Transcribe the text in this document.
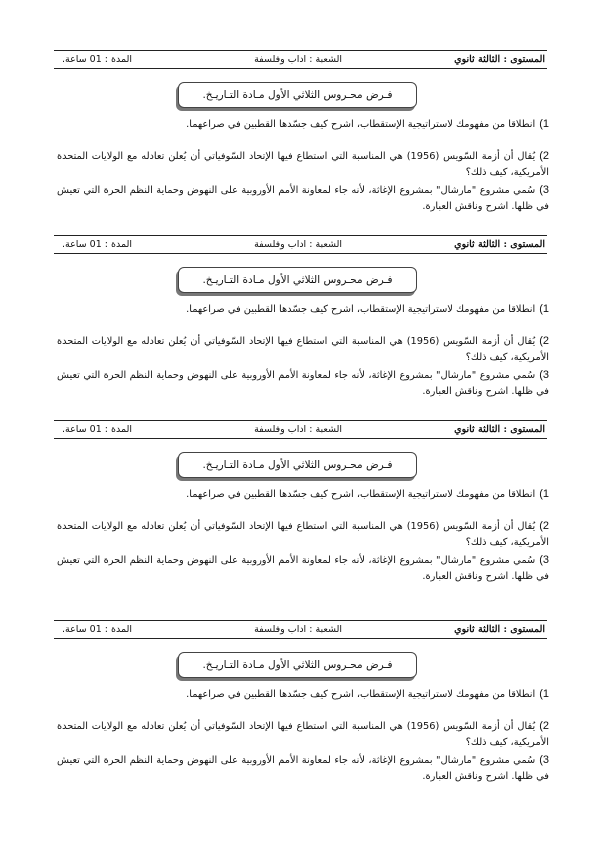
المستوى : الثالثة ثانوي
الشعبة : اداب وفلسفة
المدة : 01 ساعة.
فـرض محـروس الثلاثي الأول مـادة التـاريـخ.
1)انطلاقا من مفهومك لاستراتيجية الإستقطاب، اشرح كيف جسّدها القطبين في صراعهما.
2)يُقال أن أزمة السّويس (1956) هي المناسبة التي استطاع فيها الإتحاد السّوفياتي أن يُعلن تعادله مع الولايات المتحدة الأمريكية، كيف ذلك؟
3)سُمي مشروع "مارشال" بمشروع الإغاثة، لأنه جاء لمعاونة الأمم الأوروبية على النهوض وحماية النظم الحرة التي تعيش في ظلها. اشرح وناقش العبارة.
المستوى : الثالثة ثانوي
الشعبة : اداب وفلسفة
المدة : 01 ساعة.
فـرض محـروس الثلاثي الأول مـادة التـاريـخ.
1)انطلاقا من مفهومك لاستراتيجية الإستقطاب، اشرح كيف جسّدها القطبين في صراعهما.
2)يُقال أن أزمة السّويس (1956) هي المناسبة التي استطاع فيها الإتحاد السّوفياتي أن يُعلن تعادله مع الولايات المتحدة الأمريكية، كيف ذلك؟
3)سُمي مشروع "مارشال" بمشروع الإغاثة، لأنه جاء لمعاونة الأمم الأوروبية على النهوض وحماية النظم الحرة التي تعيش في ظلها. اشرح وناقش العبارة.
المستوى : الثالثة ثانوي
الشعبة : اداب وفلسفة
المدة : 01 ساعة.
فـرض محـروس الثلاثي الأول مـادة التـاريـخ.
1)انطلاقا من مفهومك لاستراتيجية الإستقطاب، اشرح كيف جسّدها القطبين في صراعهما.
2)يُقال أن أزمة السّويس (1956) هي المناسبة التي استطاع فيها الإتحاد السّوفياتي أن يُعلن تعادله مع الولايات المتحدة الأمريكية، كيف ذلك؟
3)سُمي مشروع "مارشال" بمشروع الإغاثة، لأنه جاء لمعاونة الأمم الأوروبية على النهوض وحماية النظم الحرة التي تعيش في ظلها. اشرح وناقش العبارة.
المستوى : الثالثة ثانوي
الشعبة : اداب وفلسفة
المدة : 01 ساعة.
فـرض محـروس الثلاثي الأول مـادة التـاريـخ.
1)انطلاقا من مفهومك لاستراتيجية الإستقطاب، اشرح كيف جسّدها القطبين في صراعهما.
2)يُقال أن أزمة السّويس (1956) هي المناسبة التي استطاع فيها الإتحاد السّوفياتي أن يُعلن تعادله مع الولايات المتحدة الأمريكية، كيف ذلك؟
3)سُمي مشروع "مارشال" بمشروع الإغاثة، لأنه جاء لمعاونة الأمم الأوروبية على النهوض وحماية النظم الحرة التي تعيش في ظلها. اشرح وناقش العبارة.
